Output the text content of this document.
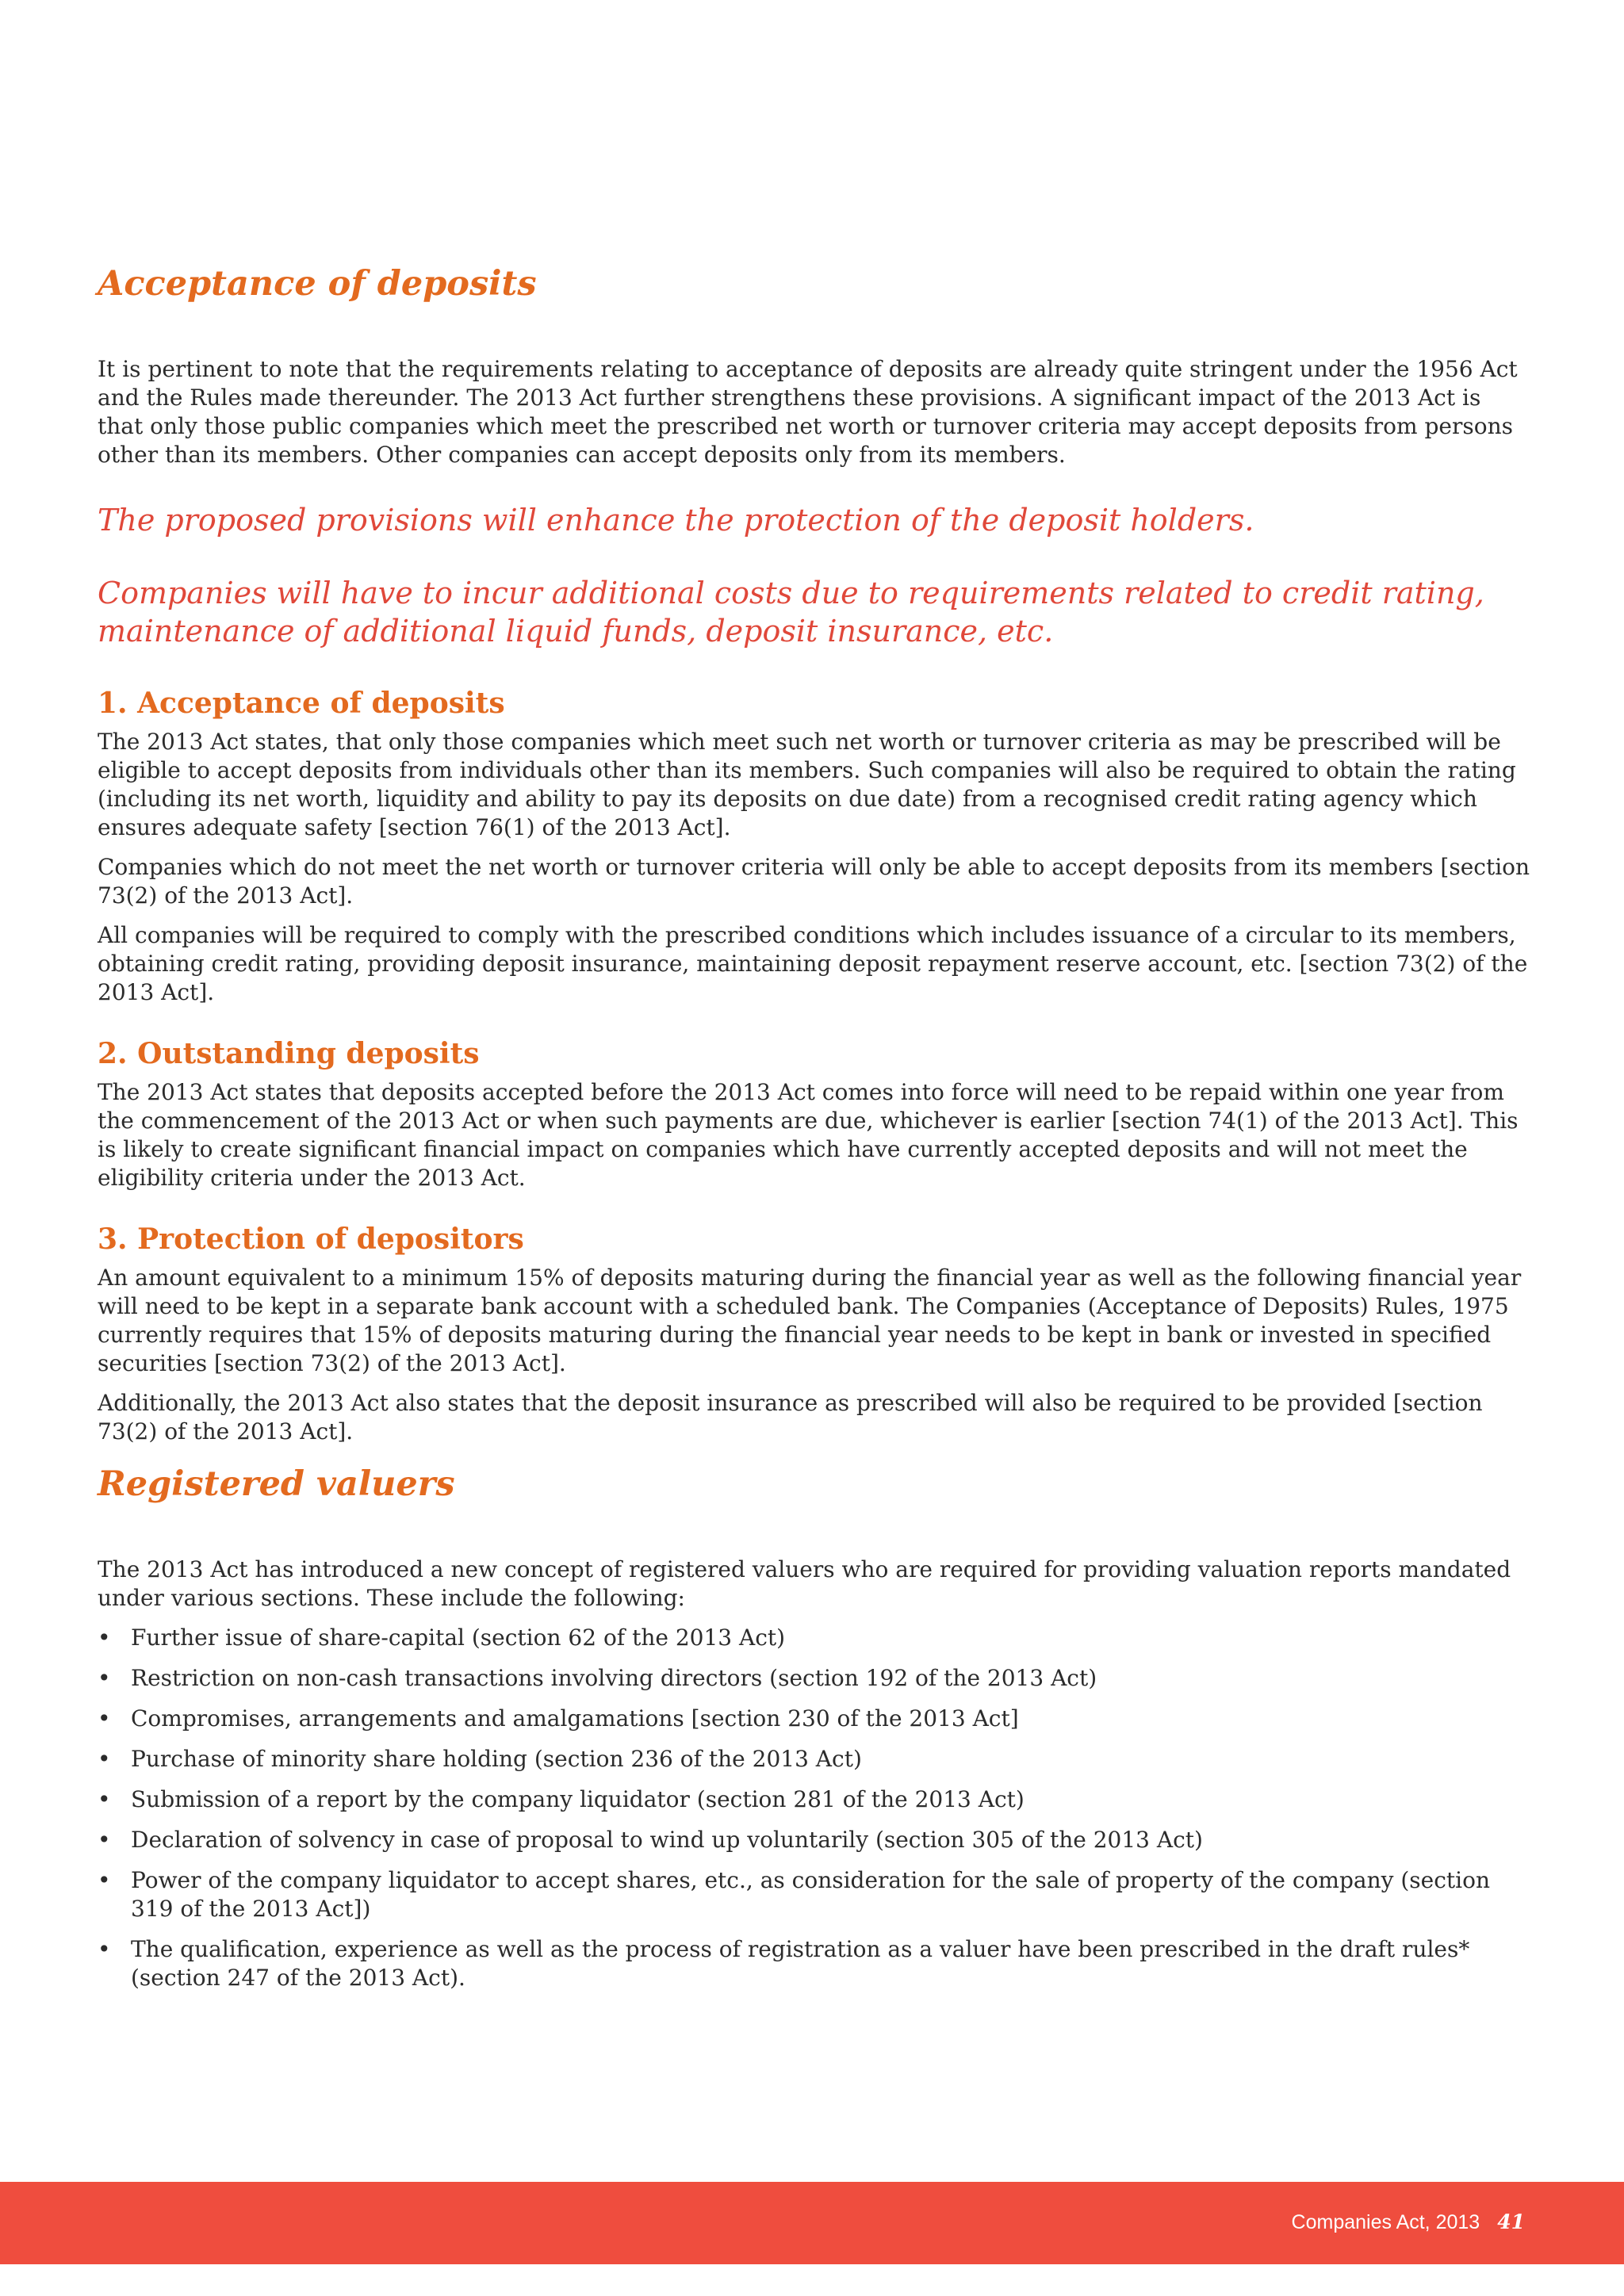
Acceptance of deposits

It is pertinent to note that the requirements relating to acceptance of deposits are already quite stringent under the 1956 Act and the Rules made thereunder. The 2013 Act further strengthens these provisions. A significant impact of the 2013 Act is that only those public companies which meet the prescribed net worth or turnover criteria may accept deposits from persons other than its members. Other companies can accept deposits only from its members.

The proposed provisions will enhance the protection of the deposit holders.
Companies will have to incur additional costs due to requirements related to credit rating, maintenance of additional liquid funds, deposit insurance, etc.
1. Acceptance of deposits

The 2013 Act states, that only those companies which meet such net worth or turnover criteria as may be prescribed will be eligible to accept deposits from individuals other than its members. Such companies will also be required to obtain the rating (including its net worth, liquidity and ability to pay its deposits on due date) from a recognised credit rating agency which ensures adequate safety [section 76(1) of the 2013 Act].

Companies which do not meet the net worth or turnover criteria will only be able to accept deposits from its members [section 73(2) of the 2013 Act].

All companies will be required to comply with the prescribed conditions which includes issuance of a circular to its members, obtaining credit rating, providing deposit insurance, maintaining deposit repayment reserve account, etc. [section 73(2) of the 2013 Act].

2. Outstanding deposits

The 2013 Act states that deposits accepted before the 2013 Act comes into force will need to be repaid within one year from the commencement of the 2013 Act or when such payments are due, whichever is earlier [section 74(1) of the 2013 Act]. This is likely to create significant financial impact on companies which have currently accepted deposits and will not meet the eligibility criteria under the 2013 Act.

3. Protection of depositors

An amount equivalent to a minimum 15% of deposits maturing during the financial year as well as the following financial year will need to be kept in a separate bank account with a scheduled bank. The Companies (Acceptance of Deposits) Rules, 1975 currently requires that 15% of deposits maturing during the financial year needs to be kept in bank or invested in specified securities [section 73(2) of the 2013 Act].

Additionally, the 2013 Act also states that the deposit insurance as prescribed will also be required to be provided [section 73(2) of the 2013 Act].

Registered valuers

The 2013 Act has introduced a new concept of registered valuers who are required for providing valuation reports mandated under various sections. These include the following:

• Further issue of share-capital (section 62 of the 2013 Act)
• Restriction on non-cash transactions involving directors (section 192 of the 2013 Act)
• Compromises, arrangements and amalgamations [section 230 of the 2013 Act]
• Purchase of minority share holding (section 236 of the 2013 Act)
• Submission of a report by the company liquidator (section 281 of the 2013 Act)
• Declaration of solvency in case of proposal to wind up voluntarily (section 305 of the 2013 Act)
• Power of the company liquidator to accept shares, etc., as consideration for the sale of property of the company (section 319 of the 2013 Act])
• The qualification, experience as well as the process of registration as a valuer have been prescribed in the draft rules* (section 247 of the 2013 Act).
Companies Act, 2013 41
